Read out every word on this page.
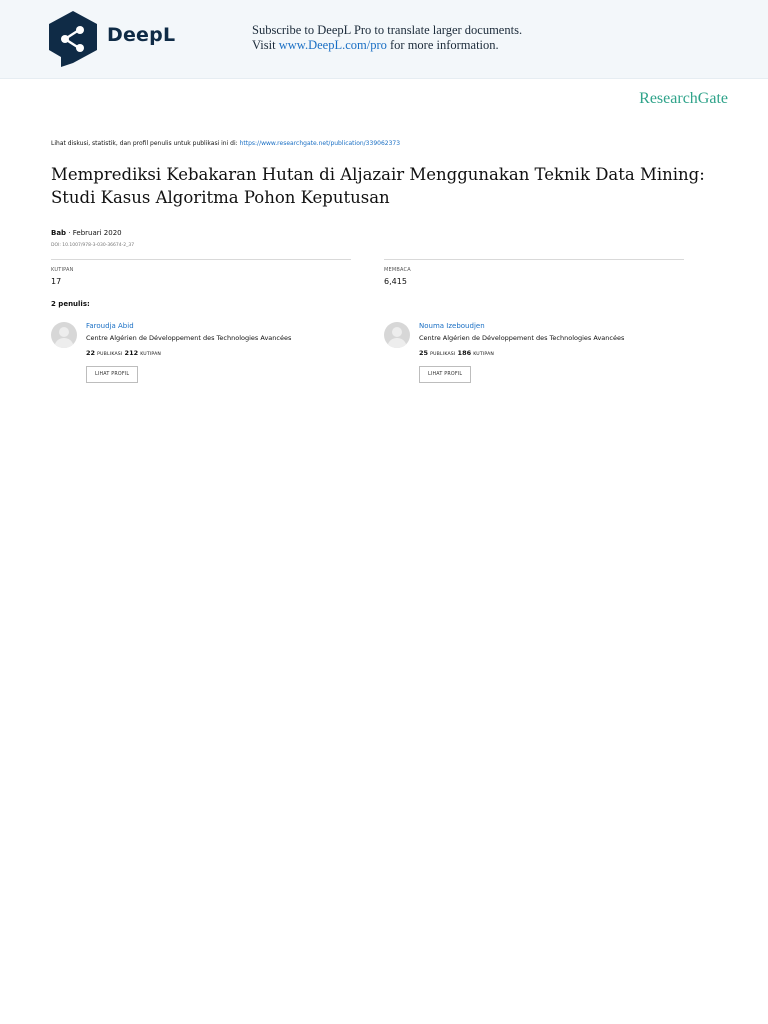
DeepL	Subscribe to DeepL Pro to translate larger documents.
Visit www.DeepL.com/pro for more information.
ResearchGate
Lihat diskusi, statistik, dan profil penulis untuk publikasi ini di: https://www.researchgate.net/publication/339062373
Memprediksi Kebakaran Hutan di Aljazair Menggunakan Teknik Data Mining: Studi Kasus Algoritma Pohon Keputusan
Bab · Februari 2020
DOI: 10.1007/978-3-030-36674-2_37
KUTIPAN
17
MEMBACA
6,415
2 penulis:
Faroudja Abid
Centre Algérien de Développement des Technologies Avancées
22 PUBLIKASI 212 KUTIPAN
LIHAT PROFIL
Nouma Izeboudjen
Centre Algérien de Développement des Technologies Avancées
25 PUBLIKASI 186 KUTIPAN
LIHAT PROFIL
